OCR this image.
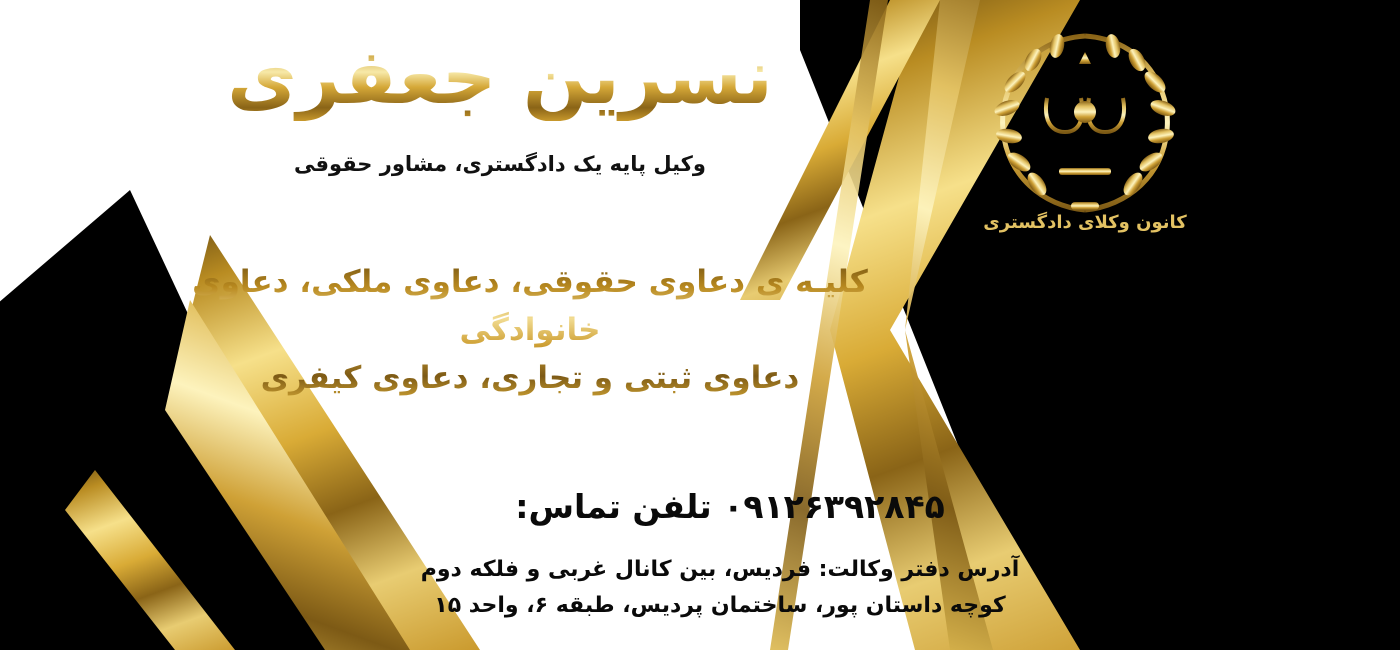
کانون وکلای دادگستری
نسرین جعفری
وکیل پایه یک دادگستری، مشاور حقوقی
کلیـه ی دعاوی حقوقی، دعاوی ملکی، دعاوی خانوادگی
دعاوی ثبتی و تجاری، دعاوی کیفری
۰۹۱۲۶۳۹۲۸۴۵ تلفن تماس:
آدرس دفتر وکالت: فردیس، بین کانال غربی و فلکه دوم
کوچه داستان پور، ساختمان پردیس، طبقه ۶، واحد ۱۵
